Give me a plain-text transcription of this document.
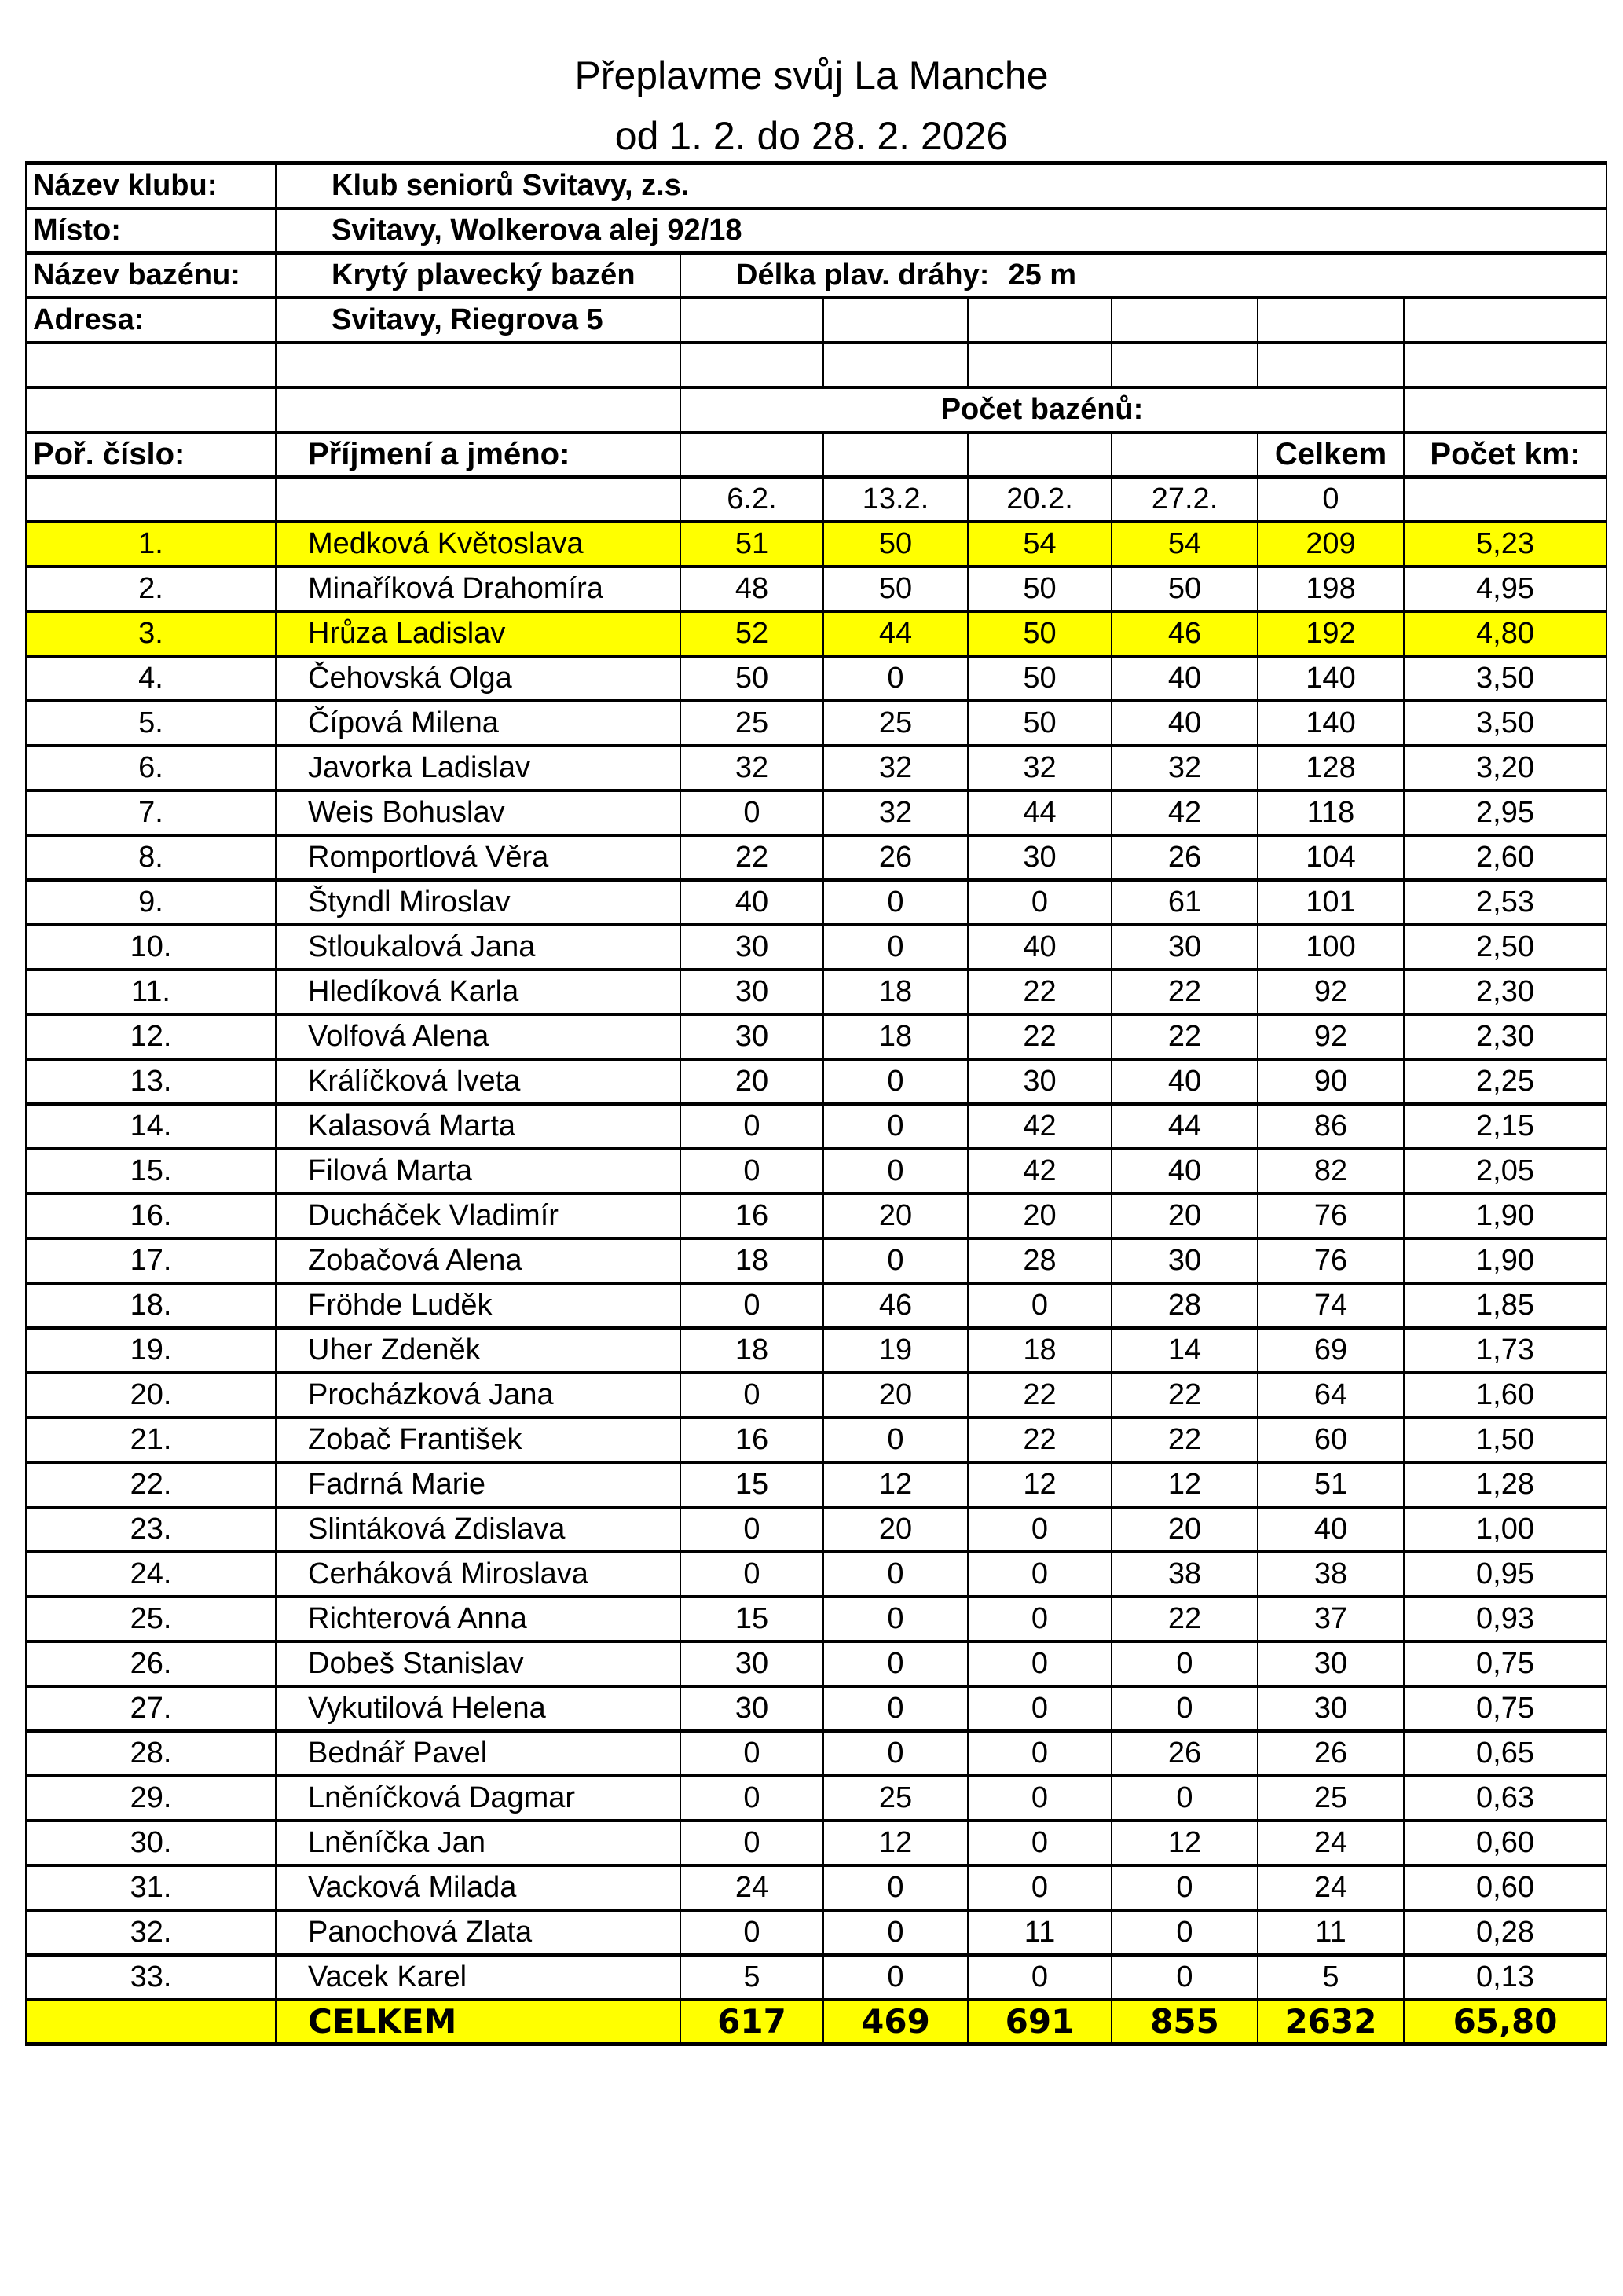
Přeplavme svůj La Manche
od 1. 2. do 28. 2. 2026
Název klubu:	Klub seniorů Svitavy, z.s.						
Místo:	Svitavy, Wolkerova alej 92/18						
Název bazénu:	Krytý plavecký bazén	Délka plav. dráhy: 25 m					
Adresa:	Svitavy, Riegrova 5						

		Počet bazénů:					
Poř. číslo:	Příjmení a jméno:					Celkem	Počet km:
		6.2.	13.2.	20.2.	27.2.	0	
1.	Medková Květoslava	51	50	54	54	209	5,23
2.	Minaříková Drahomíra	48	50	50	50	198	4,95
3.	Hrůza Ladislav	52	44	50	46	192	4,80
4.	Čehovská Olga	50	0	50	40	140	3,50
5.	Čípová Milena	25	25	50	40	140	3,50
6.	Javorka Ladislav	32	32	32	32	128	3,20
7.	Weis Bohuslav	0	32	44	42	118	2,95
8.	Romportlová Věra	22	26	30	26	104	2,60
9.	Štyndl Miroslav	40	0	0	61	101	2,53
10.	Stloukalová Jana	30	0	40	30	100	2,50
11.	Hledíková Karla	30	18	22	22	92	2,30
12.	Volfová Alena	30	18	22	22	92	2,30
13.	Králíčková Iveta	20	0	30	40	90	2,25
14.	Kalasová Marta	0	0	42	44	86	2,15
15.	Filová Marta	0	0	42	40	82	2,05
16.	Ducháček Vladimír	16	20	20	20	76	1,90
17.	Zobačová Alena	18	0	28	30	76	1,90
18.	Fröhde Luděk	0	46	0	28	74	1,85
19.	Uher Zdeněk	18	19	18	14	69	1,73
20.	Procházková Jana	0	20	22	22	64	1,60
21.	Zobač František	16	0	22	22	60	1,50
22.	Fadrná Marie	15	12	12	12	51	1,28
23.	Slintáková Zdislava	0	20	0	20	40	1,00
24.	Cerháková Miroslava	0	0	0	38	38	0,95
25.	Richterová Anna	15	0	0	22	37	0,93
26.	Dobeš Stanislav	30	0	0	0	30	0,75
27.	Vykutilová Helena	30	0	0	0	30	0,75
28.	Bednář Pavel	0	0	0	26	26	0,65
29.	Lněníčková Dagmar	0	25	0	0	25	0,63
30.	Lněníčka Jan	0	12	0	12	24	0,60
31.	Vacková Milada	24	0	0	0	24	0,60
32.	Panochová Zlata	0	0	11	0	11	0,28
33.	Vacek Karel	5	0	0	0	5	0,13
	CELKEM	617	469	691	855	2632	65,80
